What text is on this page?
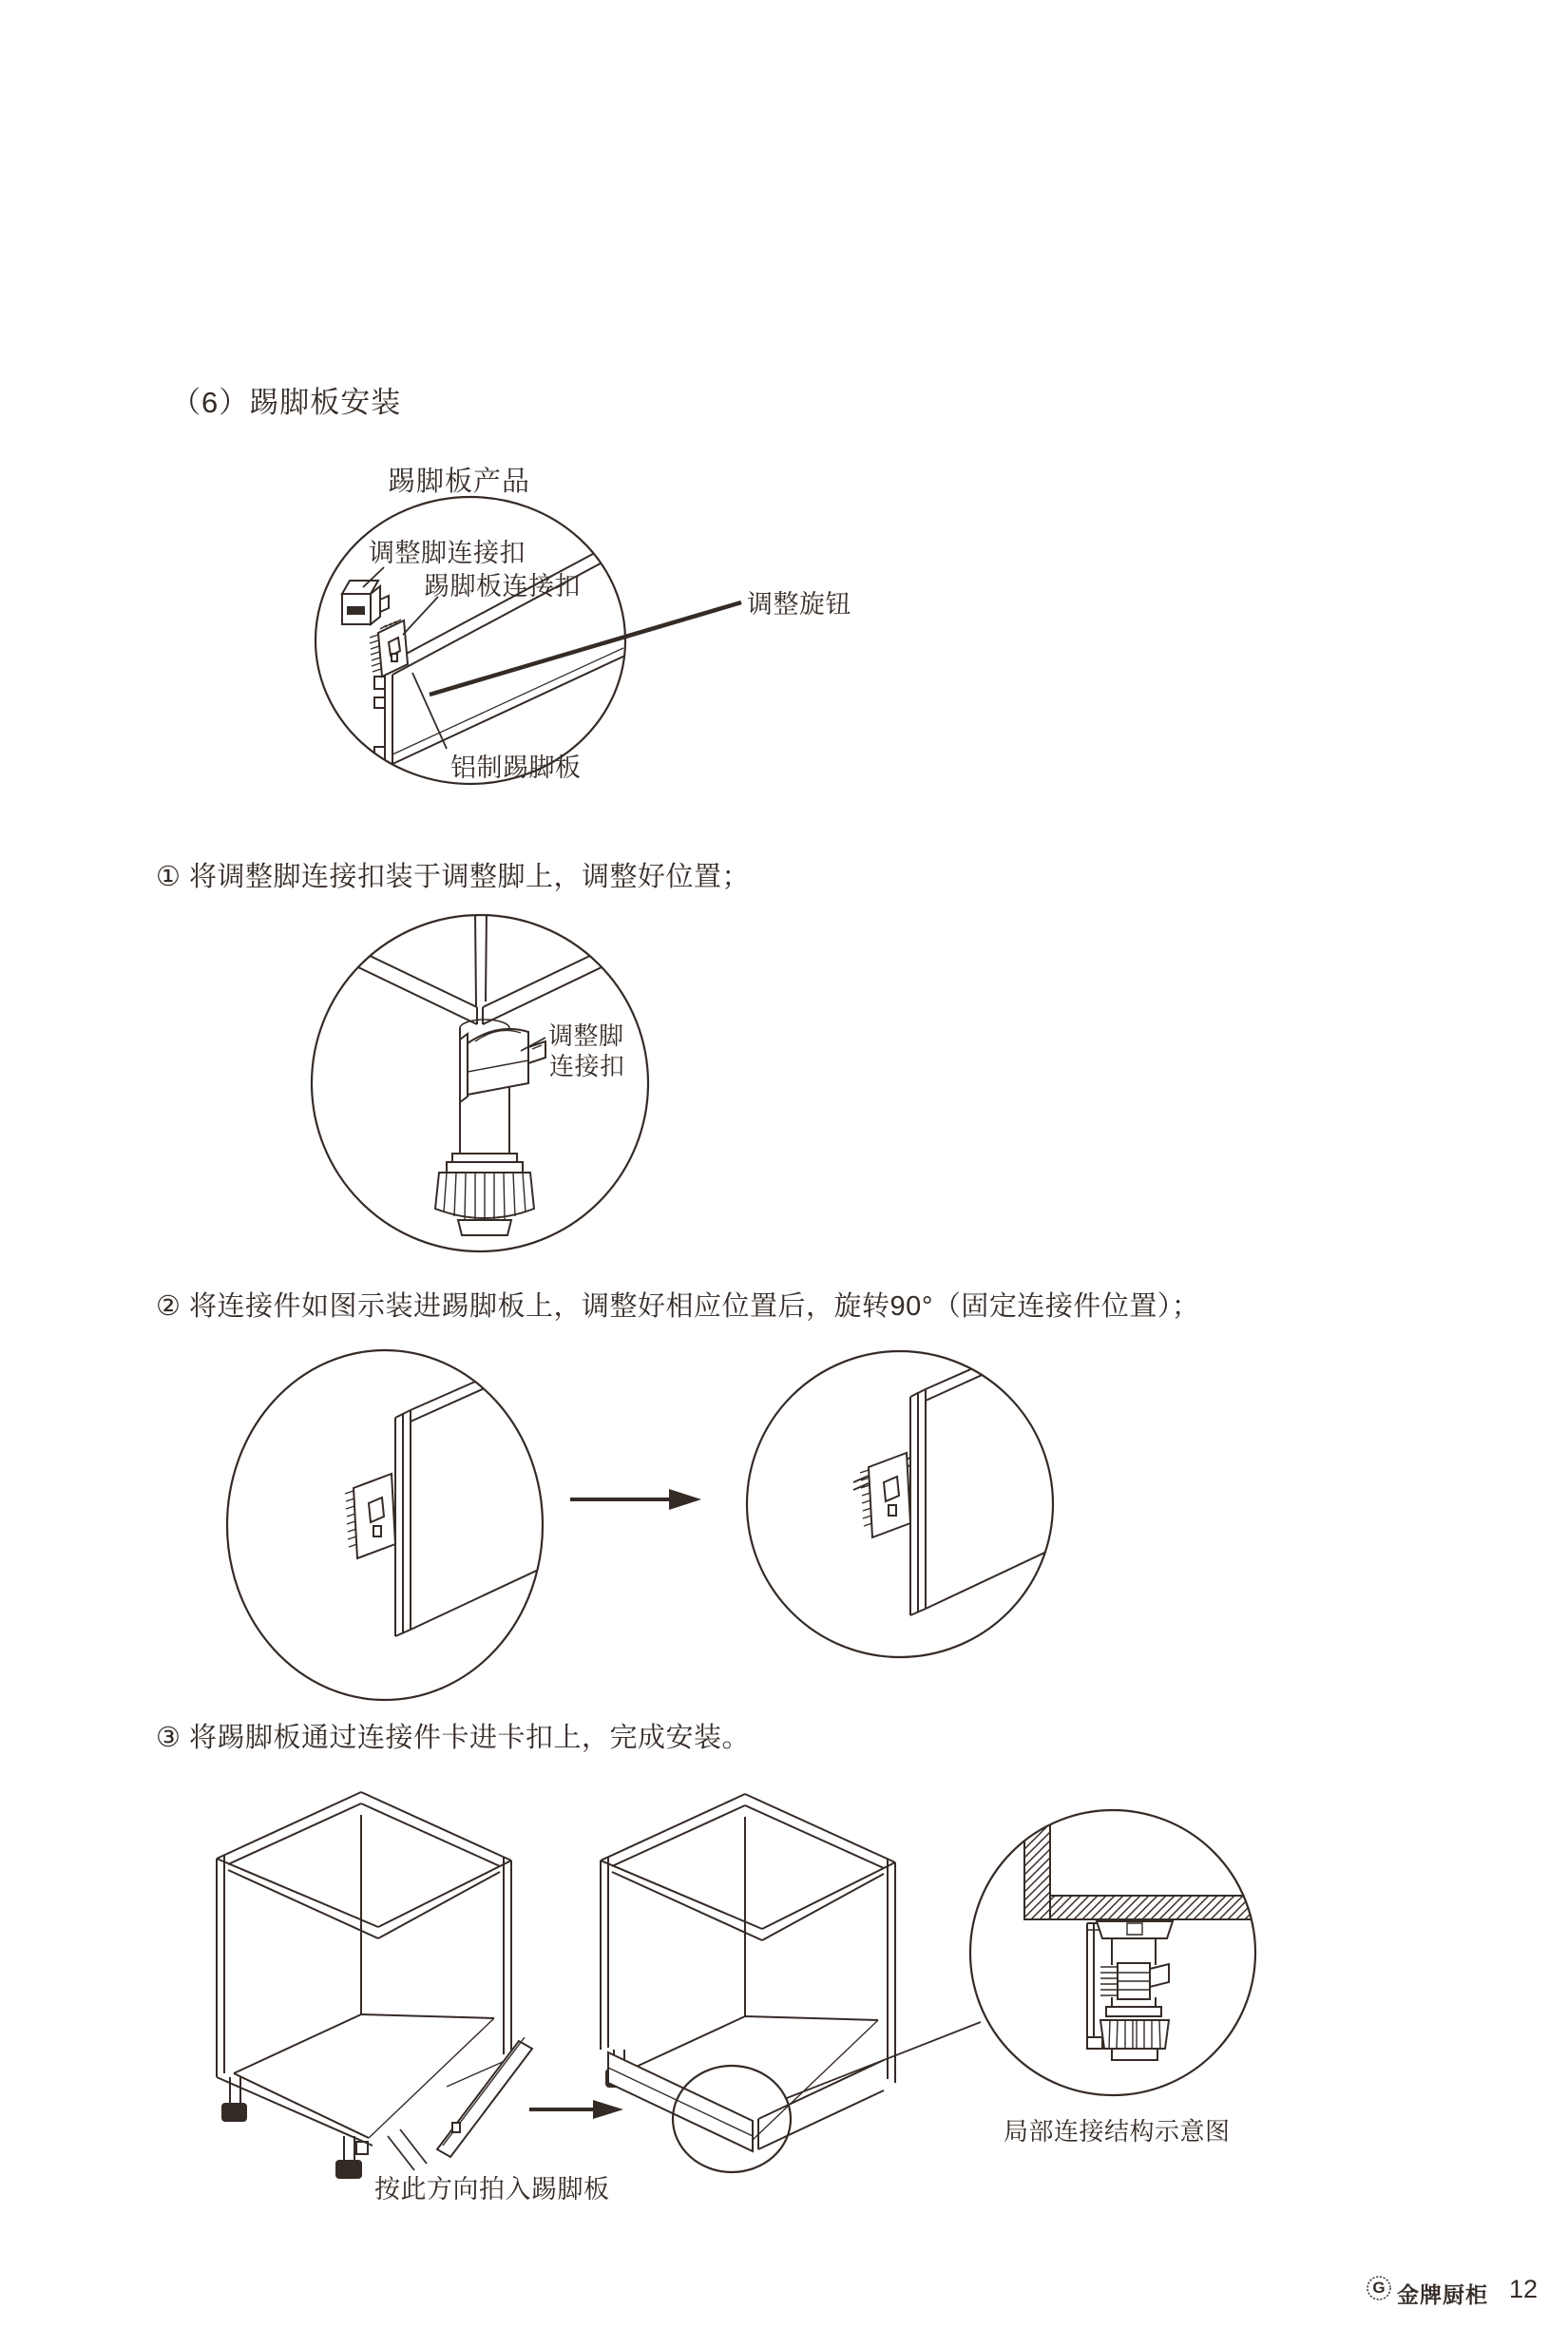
（6）踢脚板安装
踢脚板产品
调整脚连接扣
踢脚板连接扣
调整旋钮
铝制踢脚板
① 将调整脚连接扣装于调整脚上，调整好位置；
调整脚
连接扣
② 将连接件如图示装进踢脚板上，调整好相应位置后，旋转90°（固定连接件位置）；
③ 将踢脚板通过连接件卡进卡扣上，完成安装。
按此方向拍入踢脚板
局部连接结构示意图
G 金牌厨柜 12
